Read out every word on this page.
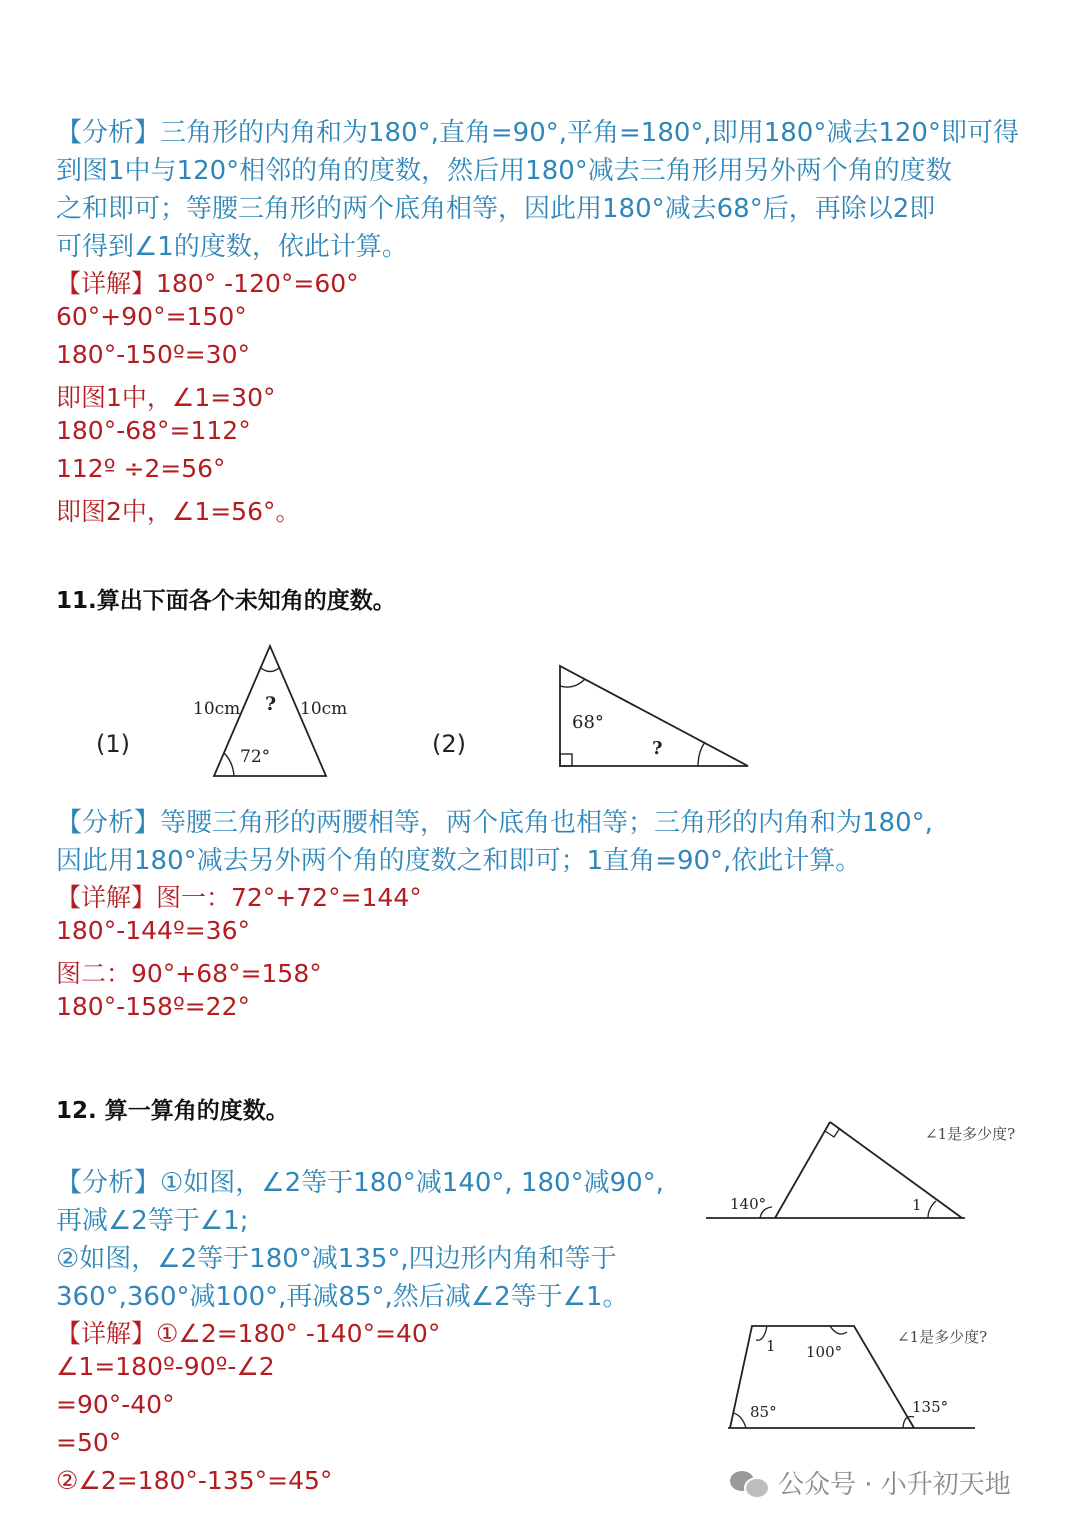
【分析】三角形的内角和为180°,直角=90°,平角=180°,即用180°减去120°即可得
到图1中与120°相邻的角的度数，然后用180°减去三角形用另外两个角的度数
之和即可；等腰三角形的两个底角相等，因此用180°减去68°后，再除以2即
可得到∠1的度数，依此计算。
【详解】180° -120°=60°
60°+90°=150°
180°-150º=30°
即图1中，∠1=30°
180°-68°=112°
112º ÷2=56°
即图2中，∠1=56°。
11.算出下面各个未知角的度数。
(1)
10cm	10cm
?
72°	(2)
68°
?
【分析】等腰三角形的两腰相等，两个底角也相等；三角形的内角和为180°,
因此用180°减去另外两个角的度数之和即可；1直角=90°,依此计算。
【详解】图一：72°+72°=144°
180°-144º=36°
图二：90°+68°=158°
180°-158º=22°
12. 算一算角的度数。
【分析】①如图，∠2等于180°减140°, 180°减90°,
再减∠2等于∠1;
②如图，∠2等于180°减135°,四边形内角和等于
360°,360°减100°,再减85°,然后减∠2等于∠1。
【详解】①∠2=180° -140°=40°
∠1=180º-90º-∠2
=90°-40°
=50°
②∠2=180°-135°=45°
140°	1
∠1是多少度?
1 100°
85°	135°
∠1是多少度?
公众号 · 小升初天地
